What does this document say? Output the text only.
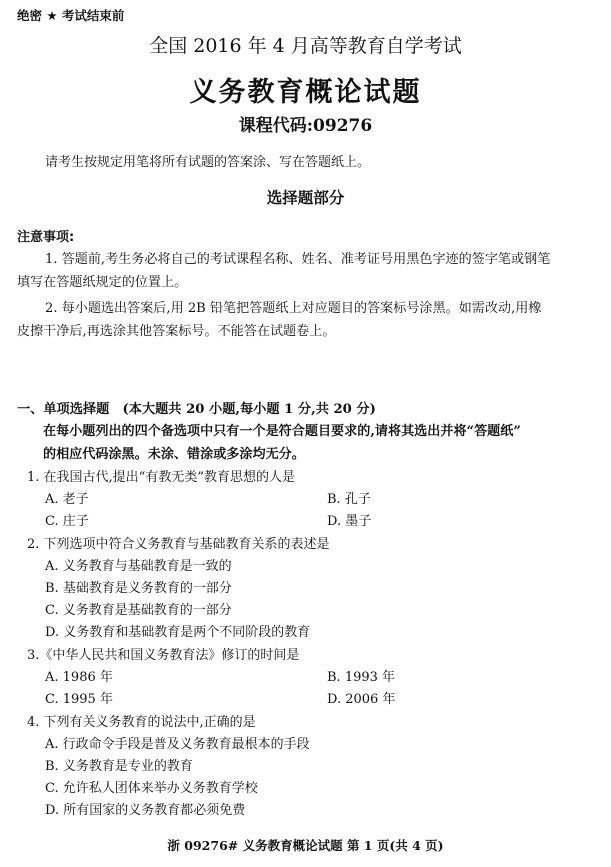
绝密 ★ 考试结束前
全国 2016 年 4 月高等教育自学考试
义务教育概论试题
课程代码:09276
请考生按规定用笔将所有试题的答案涂、写在答题纸上。
选择题部分
注意事项:
1. 答题前,考生务必将自己的考试课程名称、姓名、准考证号用黑色字迹的签字笔或钢笔
填写在答题纸规定的位置上。
2. 每小题选出答案后,用 2B 铅笔把答题纸上对应题目的答案标号涂黑。如需改动,用橡
皮擦干净后,再选涂其他答案标号。不能答在试题卷上。
一、单项选择题　(本大题共 20 小题,每小题 1 分,共 20 分)
在每小题列出的四个备选项中只有一个是符合题目要求的,请将其选出并将“答题纸”
的相应代码涂黑。未涂、错涂或多涂均无分。
1. 在我国古代,提出“有教无类”教育思想的人是
A. 老子	B. 孔子
C. 庄子	D. 墨子
2. 下列选项中符合义务教育与基础教育关系的表述是
A. 义务教育与基础教育是一致的
B. 基础教育是义务教育的一部分
C. 义务教育是基础教育的一部分
D. 义务教育和基础教育是两个不同阶段的教育
3.《中华人民共和国义务教育法》修订的时间是
A. 1986 年	B. 1993 年
C. 1995 年	D. 2006 年
4. 下列有关义务教育的说法中,正确的是
A. 行政命令手段是普及义务教育最根本的手段
B. 义务教育是专业的教育
C. 允许私人团体来举办义务教育学校
D. 所有国家的义务教育都必须免费
浙 09276# 义务教育概论试题 第 1 页(共 4 页)
